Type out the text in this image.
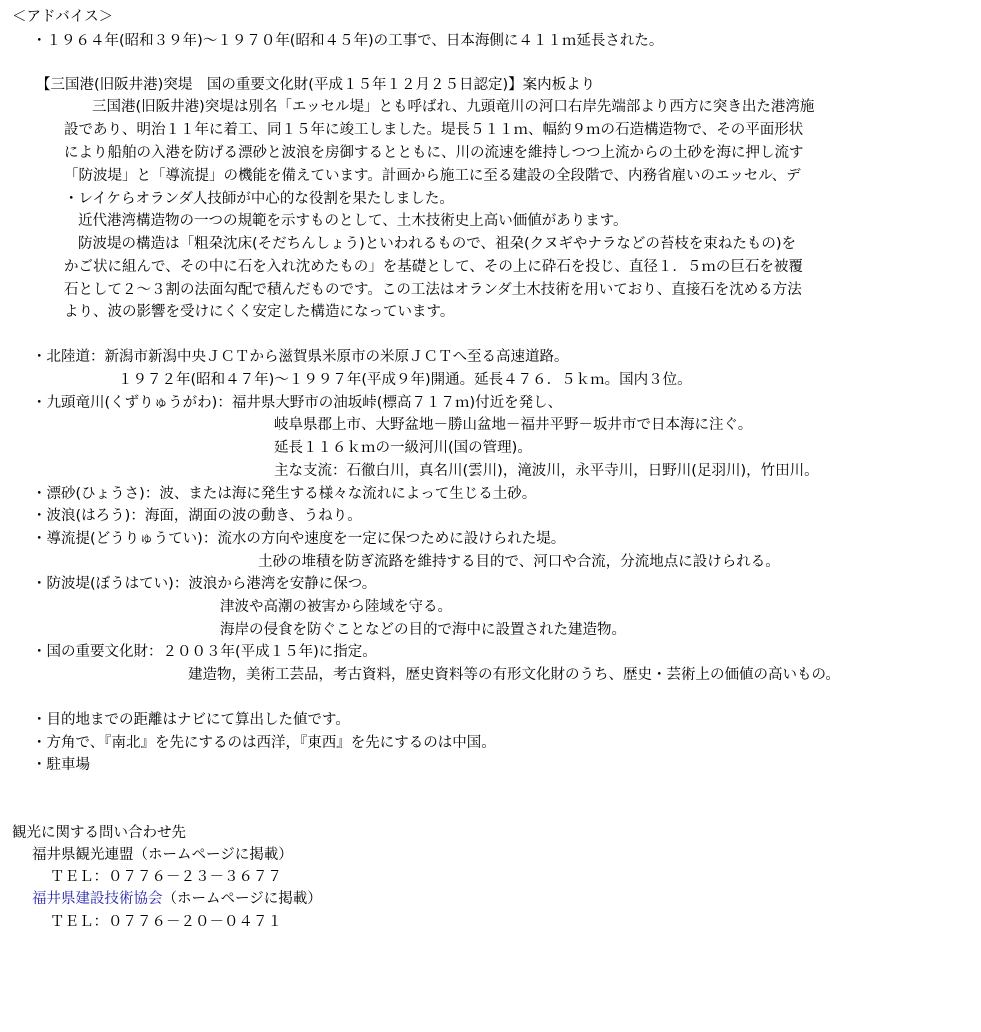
＜アドバイス＞
・１９６４年(昭和３９年)～１９７０年(昭和４５年)の工事で、日本海側に４１１ｍ延長された。
【三国港(旧阪井港)突堤　国の重要文化財(平成１５年１２月２５日認定)】案内板より
三国港(旧阪井港)突堤は別名「エッセル堤」とも呼ばれ、九頭竜川の河口右岸先端部より西方に突き出た港湾施
設であり、明治１１年に着工、同１５年に竣工しました。堤長５１１ｍ、幅約９ｍの石造構造物で、その平面形状
により船舶の入港を防げる漂砂と波浪を房御するとともに、川の流速を維持しつつ上流からの土砂を海に押し流す
「防波堤」と「導流提」の機能を備えています。計画から施工に至る建設の全段階で、内務省雇いのエッセル、デ
・レイケらオランダ人技師が中心的な役割を果たしました。
近代港湾構造物の一つの規範を示すものとして、土木技術史上高い価値があります。
防波堤の構造は「粗朶沈床(そだちんしょう)といわれるもので、祖朶(クヌギやナラなどの苔枝を束ねたもの)を
かご状に組んで、その中に石を入れ沈めたもの」を基礎として、その上に砕石を投じ、直径１．５ｍの巨石を被覆
石として２～３割の法面勾配で積んだものです。この工法はオランダ土木技術を用いており、直接石を沈める方法
より、波の影響を受けにくく安定した構造になっています。
・北陸道：新潟市新潟中央ＪＣＴから滋賀県米原市の米原ＪＣＴへ至る高速道路。
１９７２年(昭和４７年)～１９９７年(平成９年)開通。延長４７６．５ｋｍ。国内３位。
・九頭竜川(くずりゅうがわ)：福井県大野市の油坂峠(標高７１７ｍ)付近を発し、
岐阜県郡上市、大野盆地－勝山盆地－福井平野－坂井市で日本海に注ぐ。
延長１１６ｋｍの一級河川(国の管理)。
主な支流：石徹白川，真名川(雲川)，滝波川，永平寺川，日野川(足羽川)，竹田川。
・漂砂(ひょうさ)：波、または海に発生する様々な流れによって生じる土砂。
・波浪(はろう)：海面，湖面の波の動き、うねり。
・導流提(どうりゅうてい)：流水の方向や速度を一定に保つために設けられた堤。
土砂の堆積を防ぎ流路を維持する目的で、河口や合流，分流地点に設けられる。
・防波堤(ぼうはてい)：波浪から港湾を安静に保つ。
津波や高潮の被害から陸域を守る。
海岸の侵食を防ぐことなどの目的で海中に設置された建造物。
・国の重要文化財：２００３年(平成１５年)に指定。
建造物，美術工芸品，考古資料，歴史資料等の有形文化財のうち、歴史・芸術上の価値の高いもの。
・目的地までの距離はナビにて算出した値です。
・方角で、『南北』を先にするのは西洋，『東西』を先にするのは中国。
・駐車場
観光に関する問い合わせ先
福井県観光連盟（ホームページに掲載）
ＴＥＬ：０７７６－２３－３６７７
福井県建設技術協会（ホームページに掲載）
ＴＥＬ：０７７６－２０－０４７１
